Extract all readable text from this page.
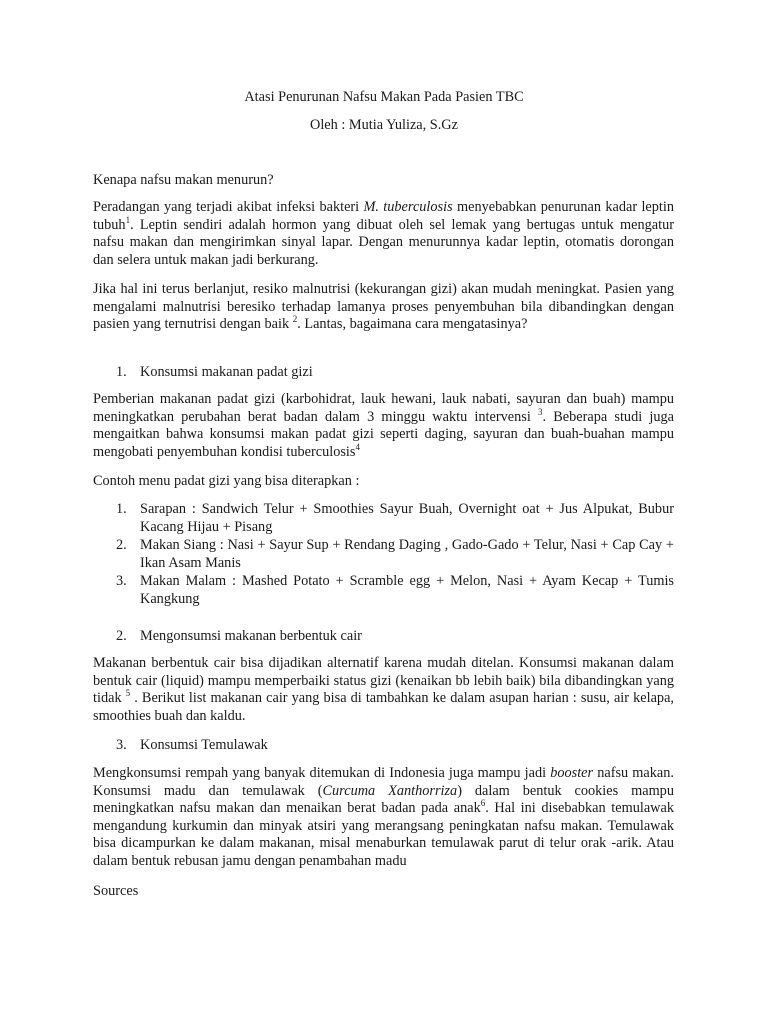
Atasi Penurunan Nafsu Makan Pada Pasien TBC
Oleh : Mutia Yuliza, S.Gz
Kenapa nafsu makan menurun?
Peradangan yang terjadi akibat infeksi bakteri M. tuberculosis menyebabkan penurunan kadar leptin tubuh$^1$. Leptin sendiri adalah hormon yang dibuat oleh sel lemak yang bertugas untuk mengatur nafsu makan dan mengirimkan sinyal lapar. Dengan menurunnya kadar leptin, otomatis dorongan dan selera untuk makan jadi berkurang.
Jika hal ini terus berlanjut, resiko malnutrisi (kekurangan gizi) akan mudah meningkat. Pasien yang mengalami malnutrisi beresiko terhadap lamanya proses penyembuhan bila dibandingkan dengan pasien yang ternutrisi dengan baik $^2$. Lantas, bagaimana cara mengatasinya?
1. Konsumsi makanan padat gizi
Pemberian makanan padat gizi (karbohidrat, lauk hewani, lauk nabati, sayuran dan buah) mampu meningkatkan perubahan berat badan dalam 3 minggu waktu intervensi $^3$. Beberapa studi juga mengaitkan bahwa konsumsi makan padat gizi seperti daging, sayuran dan buah-buahan mampu mengobati penyembuhan kondisi tuberculosis$^4$
Contoh menu padat gizi yang bisa diterapkan :
1. Sarapan : Sandwich Telur + Smoothies Sayur Buah, Overnight oat + Jus Alpukat, Bubur Kacang Hijau + Pisang
2. Makan Siang : Nasi + Sayur Sup + Rendang Daging , Gado-Gado + Telur, Nasi + Cap Cay + Ikan Asam Manis
3. Makan Malam : Mashed Potato + Scramble egg + Melon, Nasi + Ayam Kecap + Tumis Kangkung
2. Mengonsumsi makanan berbentuk cair
Makanan berbentuk cair bisa dijadikan alternatif karena mudah ditelan. Konsumsi makanan dalam bentuk cair (liquid) mampu memperbaiki status gizi (kenaikan bb lebih baik) bila dibandingkan yang tidak $^5$ . Berikut list makanan cair yang bisa di tambahkan ke dalam asupan harian : susu, air kelapa, smoothies buah dan kaldu.
3. Konsumsi Temulawak
Mengkonsumsi rempah yang banyak ditemukan di Indonesia juga mampu jadi booster nafsu makan. Konsumsi madu dan temulawak (Curcuma Xanthorriza) dalam bentuk cookies mampu meningkatkan nafsu makan dan menaikan berat badan pada anak$^6$. Hal ini disebabkan temulawak mengandung kurkumin dan minyak atsiri yang merangsang peningkatan nafsu makan. Temulawak bisa dicampurkan ke dalam makanan, misal menaburkan temulawak parut di telur orak -arik. Atau dalam bentuk rebusan jamu dengan penambahan madu
Sources
